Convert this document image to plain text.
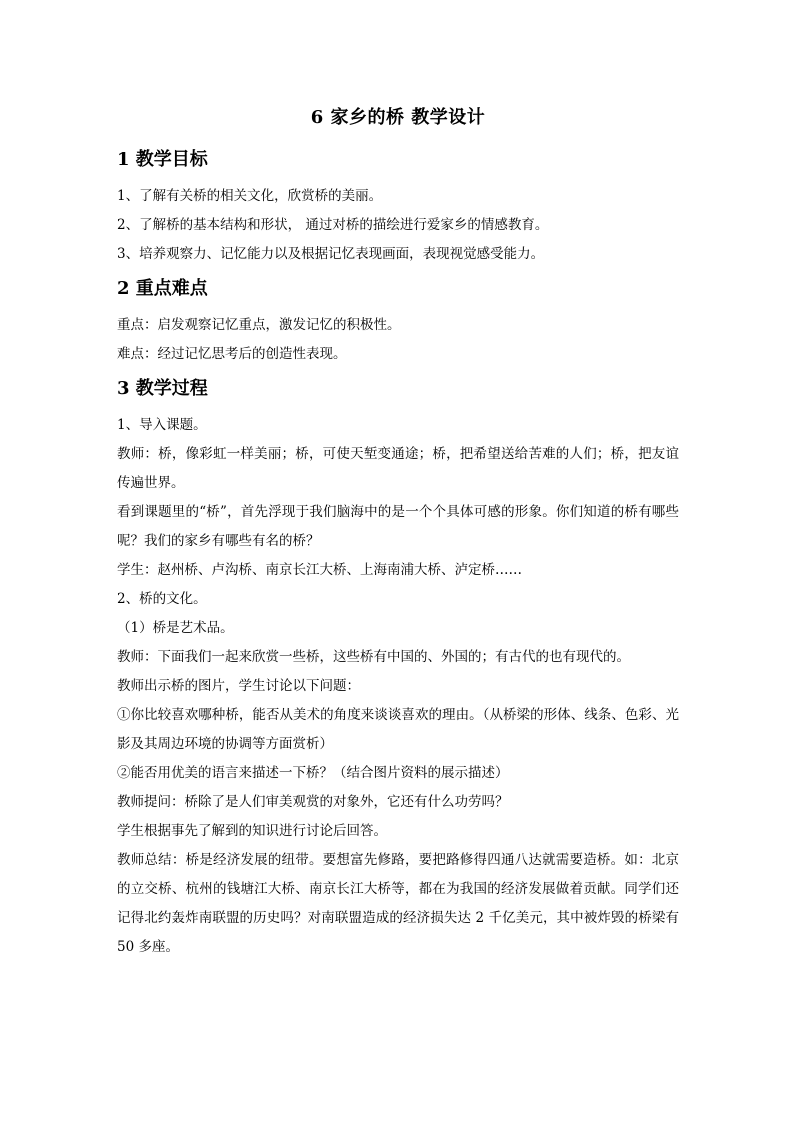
6 家乡的桥 教学设计
1 教学目标

1、了解有关桥的相关文化，欣赏桥的美丽。

2、了解桥的基本结构和形状， 通过对桥的描绘进行爱家乡的情感教育。

3、培养观察力、记忆能力以及根据记忆表现画面，表现视觉感受能力。

2 重点难点

重点：启发观察记忆重点，激发记忆的积极性。

难点：经过记忆思考后的创造性表现。

3 教学过程

1、导入课题。

教师：桥，像彩虹一样美丽；桥，可使天堑变通途；桥，把希望送给苦难的人们；桥，把友谊传遍世界。

看到课题里的“桥”，首先浮现于我们脑海中的是一个个具体可感的形象。你们知道的桥有哪些呢？我们的家乡有哪些有名的桥？

学生：赵州桥、卢沟桥、南京长江大桥、上海南浦大桥、泸定桥……

2、桥的文化。

（1）桥是艺术品。

教师：下面我们一起来欣赏一些桥，这些桥有中国的、外国的；有古代的也有现代的。

教师出示桥的图片，学生讨论以下问题：

①你比较喜欢哪种桥，能否从美术的角度来谈谈喜欢的理由。（从桥梁的形体、线条、色彩、光影及其周边环境的协调等方面赏析）

②能否用优美的语言来描述一下桥？（结合图片资料的展示描述）

教师提问：桥除了是人们审美观赏的对象外，它还有什么功劳吗？

学生根据事先了解到的知识进行讨论后回答。

教师总结：桥是经济发展的纽带。要想富先修路，要把路修得四通八达就需要造桥。如：北京的立交桥、杭州的钱塘江大桥、南京长江大桥等，都在为我国的经济发展做着贡献。同学们还记得北约轰炸南联盟的历史吗？对南联盟造成的经济损失达 2 千亿美元，其中被炸毁的桥梁有 50 多座。
